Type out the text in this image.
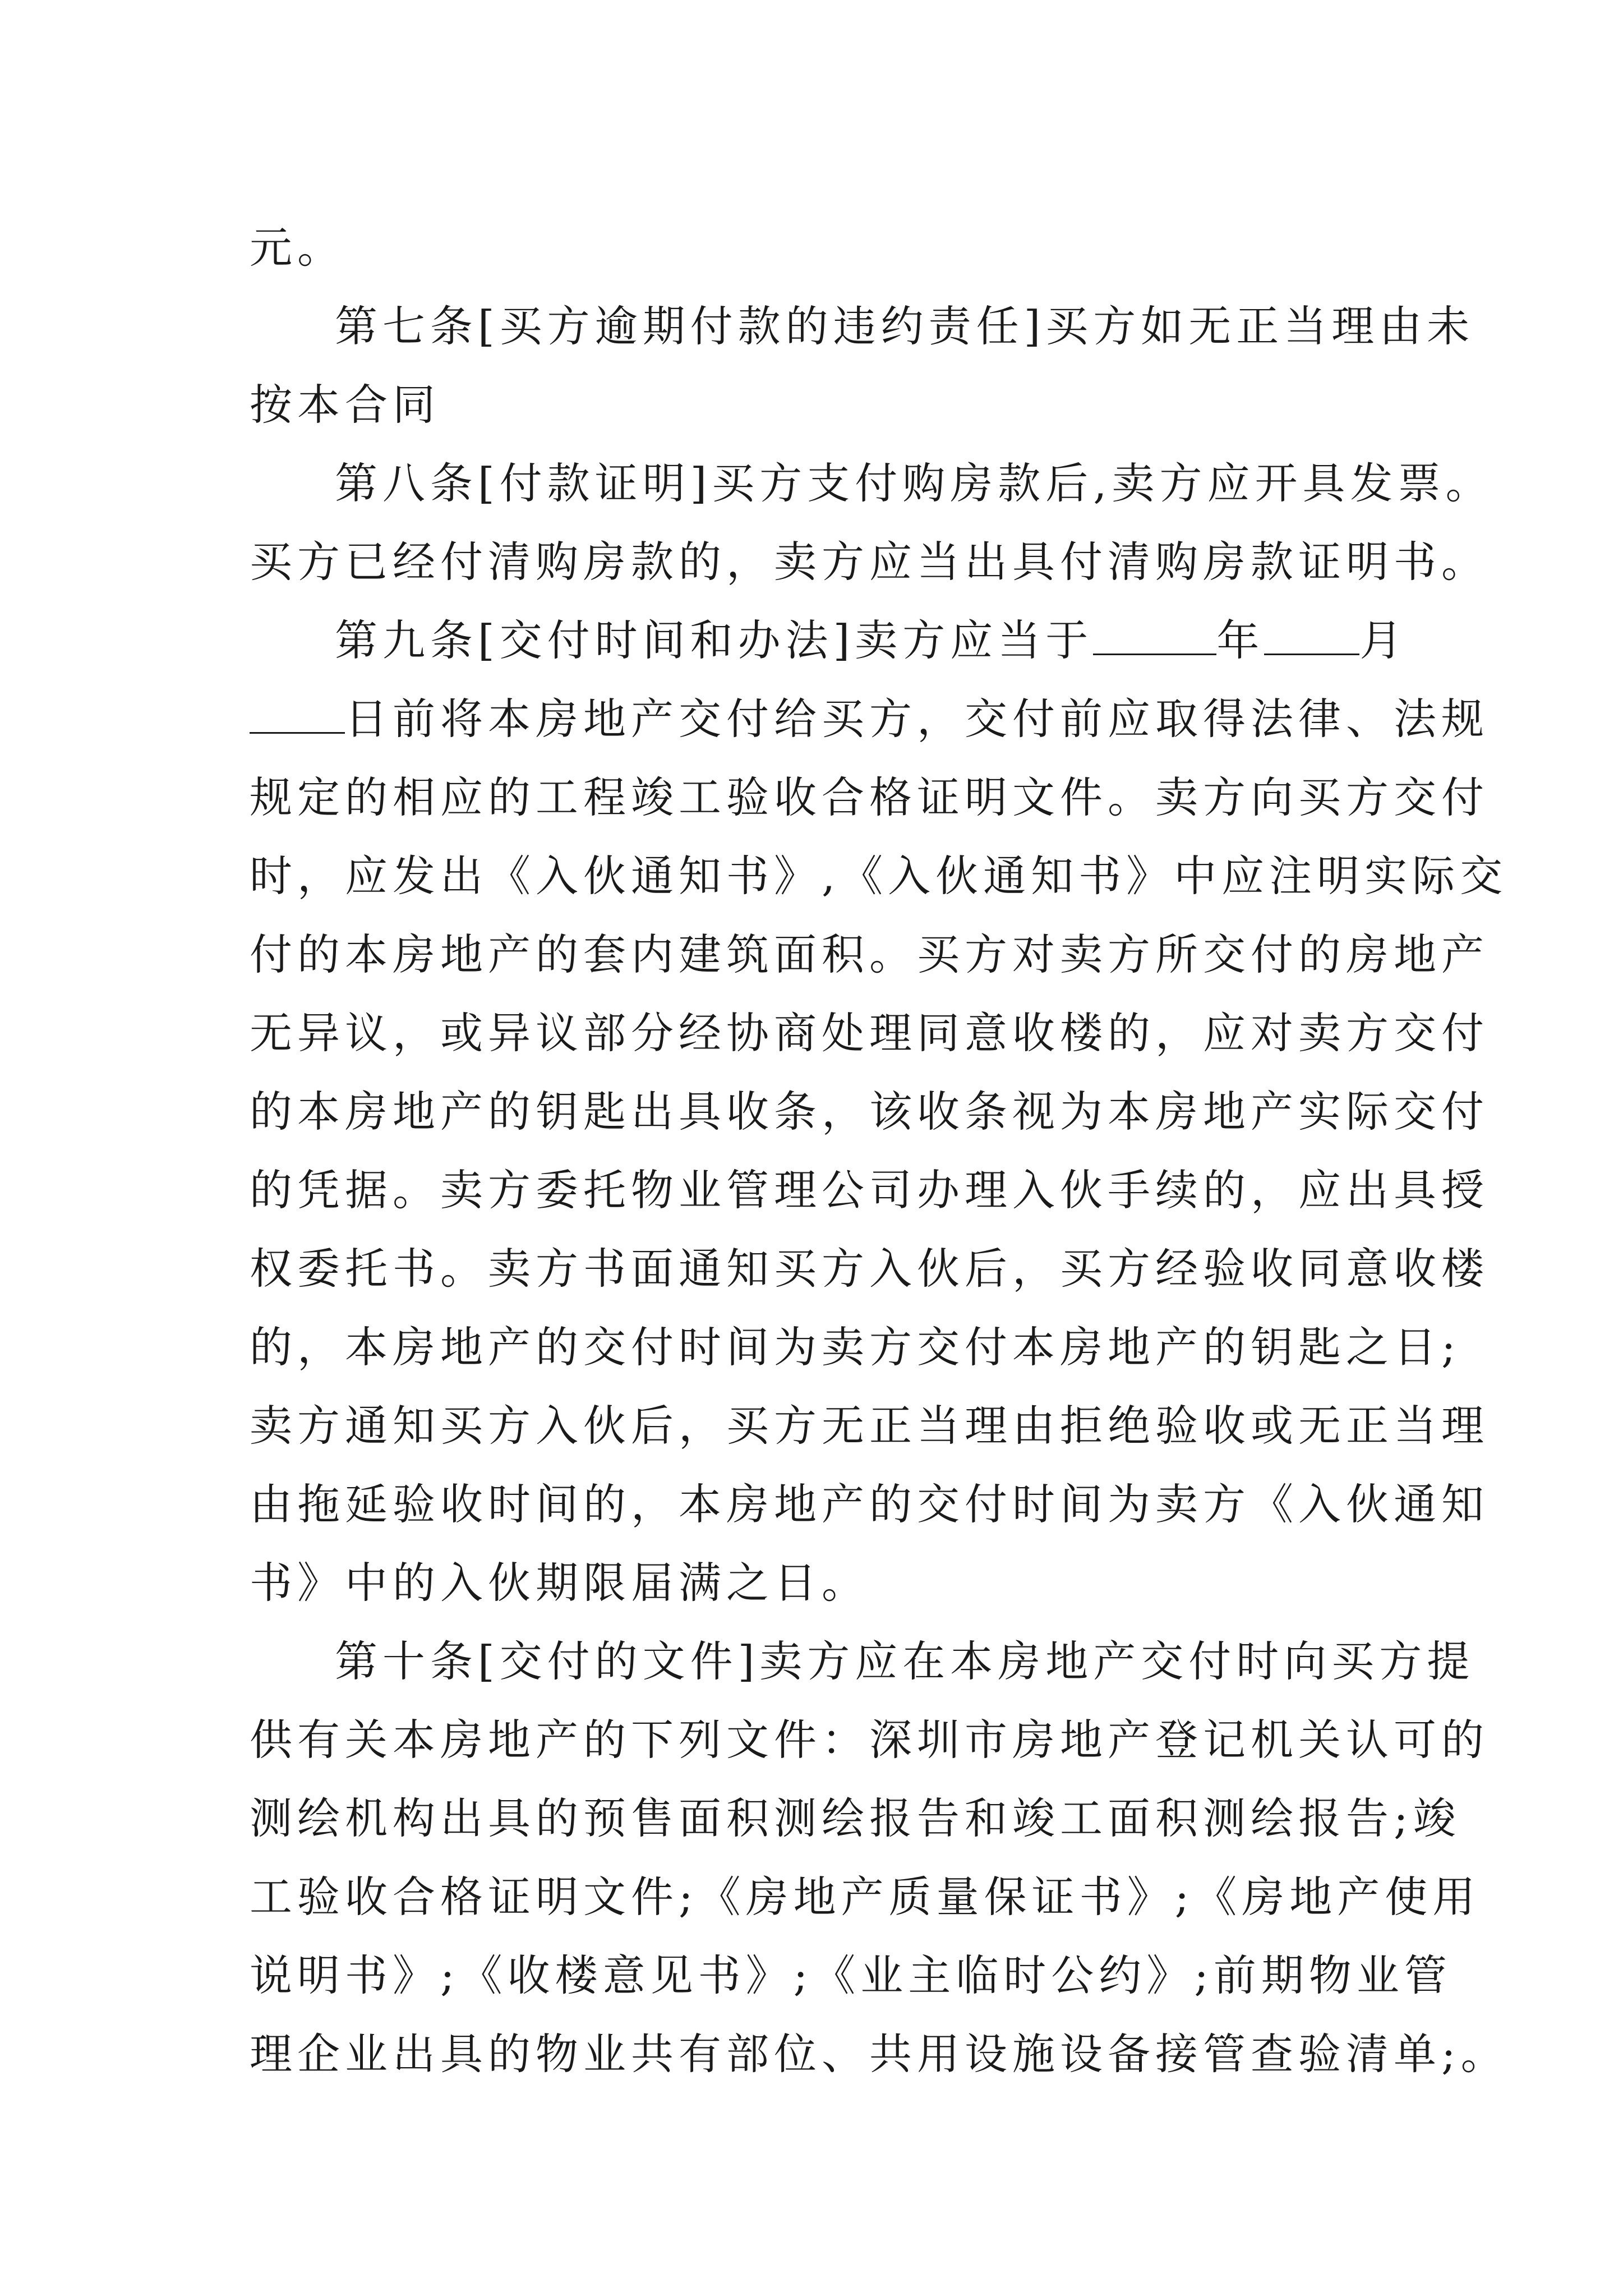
元。
第七条[买方逾期付款的违约责任]买方如无正当理由未
按本合同
第八条[付款证明]买方支付购房款后,卖方应开具发票。
买方已经付清购房款的，卖方应当出具付清购房款证明书。
第九条[交付时间和办法]卖方应当于	年 月
日前将本房地产交付给买方，交付前应取得法律、法规
规定的相应的工程竣工验收合格证明文件。卖方向买方交付
时，应发出《入伙通知书》,《入伙通知书》中应注明实际交
付的本房地产的套内建筑面积。买方对卖方所交付的房地产
无异议，或异议部分经协商处理同意收楼的，应对卖方交付
的本房地产的钥匙出具收条，该收条视为本房地产实际交付
的凭据。卖方委托物业管理公司办理入伙手续的，应出具授
权委托书。卖方书面通知买方入伙后，买方经验收同意收楼
的，本房地产的交付时间为卖方交付本房地产的钥匙之日;
卖方通知买方入伙后，买方无正当理由拒绝验收或无正当理
由拖延验收时间的，本房地产的交付时间为卖方《入伙通知
书》中的入伙期限届满之日。
第十条[交付的文件]卖方应在本房地产交付时向买方提
供有关本房地产的下列文件：深圳市房地产登记机关认可的
测绘机构出具的预售面积测绘报告和竣工面积测绘报告;竣
工验收合格证明文件;《房地产质量保证书》;《房地产使用
说明书》;《收楼意见书》;《业主临时公约》;前期物业管
理企业出具的物业共有部位、共用设施设备接管查验清单;。
